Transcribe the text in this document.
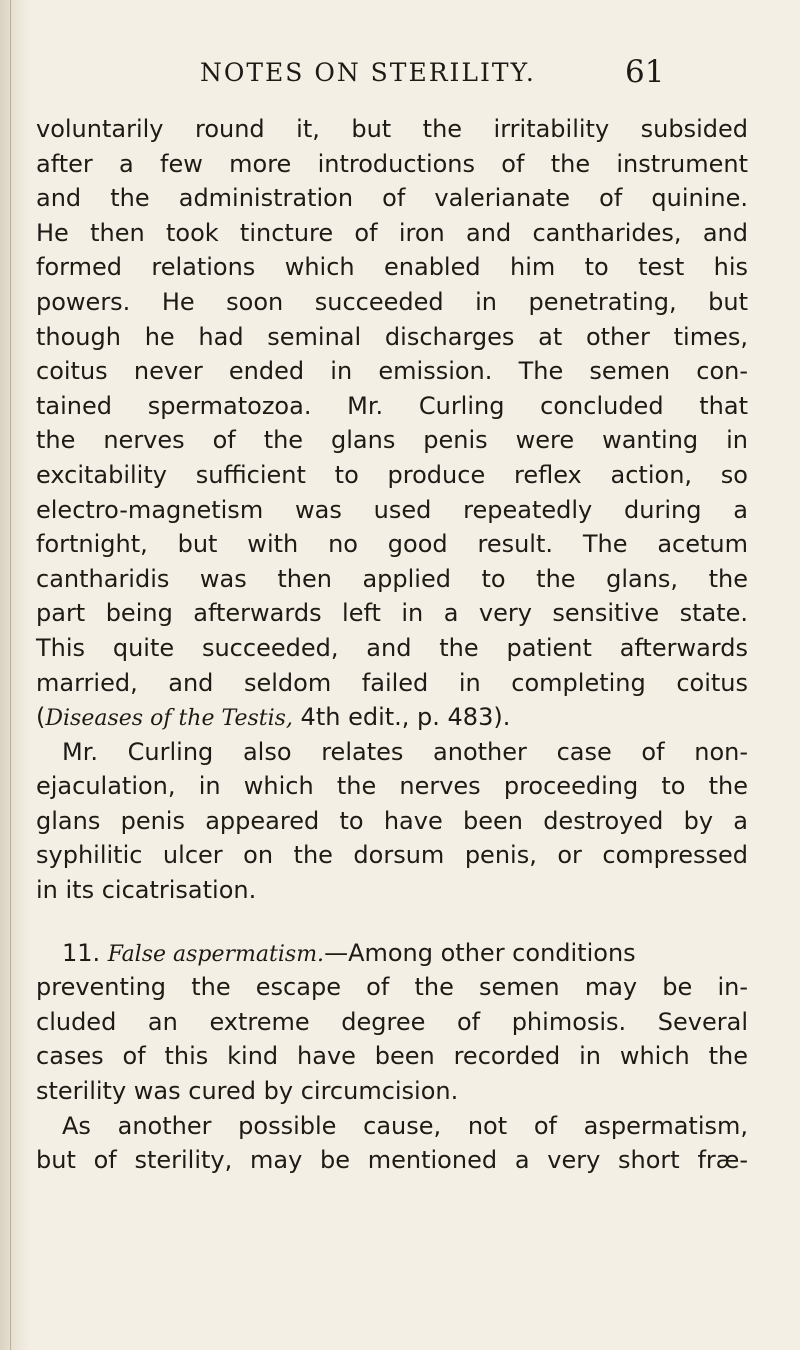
NOTES ON STERILITY.	61
voluntarily round it, but the irritability subsided
after a few more introductions of the instrument
and the administration of valerianate of quinine.
He then took tincture of iron and cantharides, and
formed relations which enabled him to test his
powers. He soon succeeded in penetrating, but
though he had seminal discharges at other times,
coitus never ended in emission. The semen con-
tained spermatozoa. Mr. Curling concluded that
the nerves of the glans penis were wanting in
excitability sufficient to produce reflex action, so
electro-magnetism was used repeatedly during a
fortnight, but with no good result. The acetum
cantharidis was then applied to the glans, the
part being afterwards left in a very sensitive state.
This quite succeeded, and the patient afterwards
married, and seldom failed in completing coitus
(Diseases of the Testis, 4th edit., p. 483).
Mr. Curling also relates another case of non-
ejaculation, in which the nerves proceeding to the
glans penis appeared to have been destroyed by a
syphilitic ulcer on the dorsum penis, or compressed
in its cicatrisation.
11. False aspermatism.—Among other conditions
preventing the escape of the semen may be in-
cluded an extreme degree of phimosis. Several
cases of this kind have been recorded in which the
sterility was cured by circumcision.
As another possible cause, not of aspermatism,
but of sterility, may be mentioned a very short fræ-
